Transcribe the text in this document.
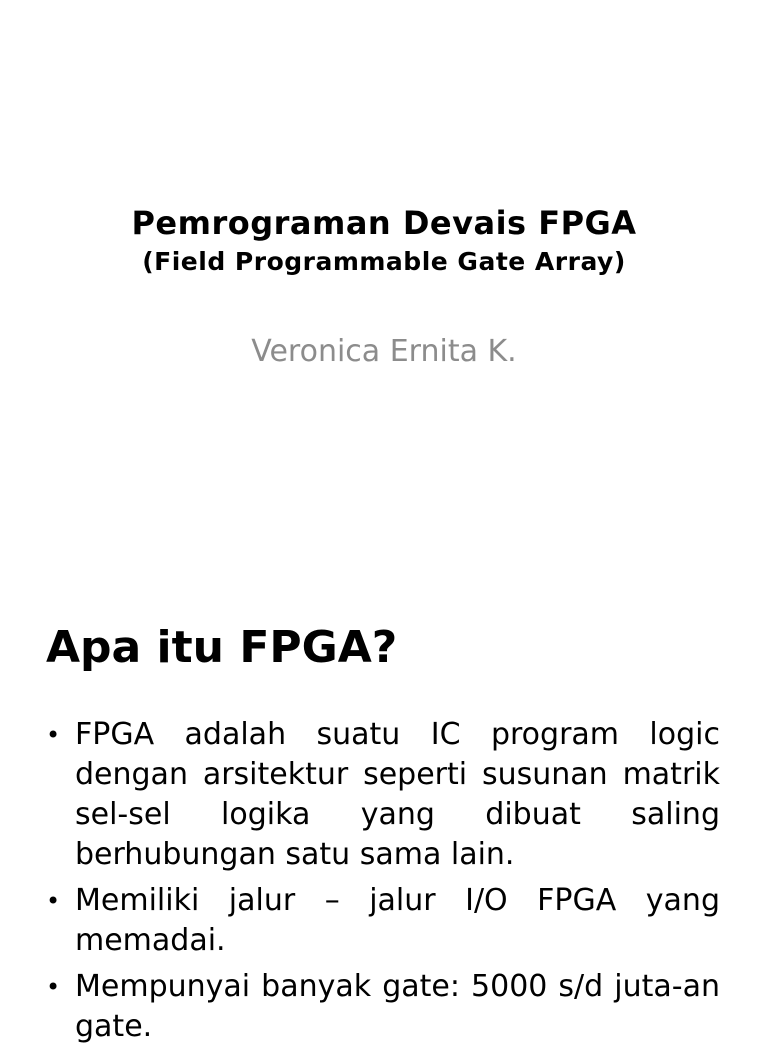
Pemrograman Devais FPGA
(Field Programmable Gate Array)
Veronica Ernita K.
Apa itu FPGA?
• FPGA adalah suatu IC program logic dengan arsitektur seperti susunan matrik sel-sel logika yang dibuat saling berhubungan satu sama lain.
• Memiliki jalur – jalur I/O FPGA yang memadai.
• Mempunyai banyak gate: 5000 s/d juta-an gate.
